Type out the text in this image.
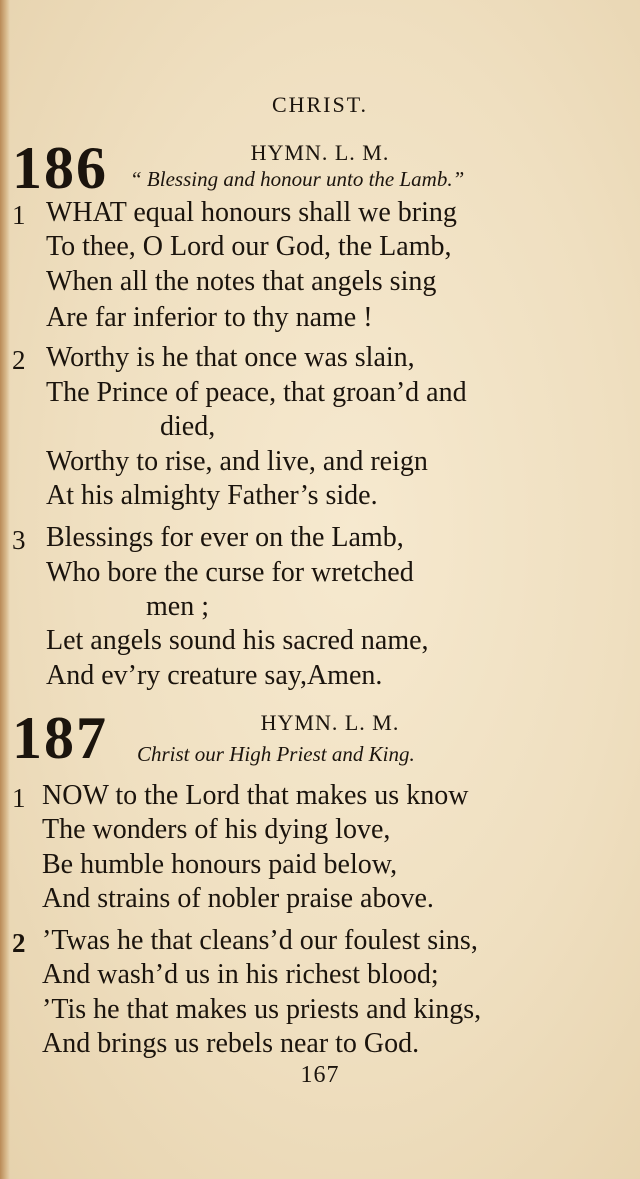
CHRIST.
186	HYMN. L. M.
“ Blessing and honour unto the Lamb.”
1 WHAT equal honours shall we bring
To thee, O Lord our God, the Lamb,
When all the notes that angels sing
Are far inferior to thy name !
2 Worthy is he that once was slain,
The Prince of peace, that groan’d and
died,
Worthy to rise, and live, and reign
At his almighty Father’s side.
3 Blessings for ever on the Lamb,
Who bore the curse for wretched
men ;
Let angels sound his sacred name,
And ev’ry creature say,Amen.
187	HYMN. L. M.
Christ our High Priest and King.
1 NOW to the Lord that makes us know
The wonders of his dying love,
Be humble honours paid below,
And strains of nobler praise above.
2 ’Twas he that cleans’d our foulest sins,
And wash’d us in his richest blood;
’Tis he that makes us priests and kings,
And brings us rebels near to God.
167
